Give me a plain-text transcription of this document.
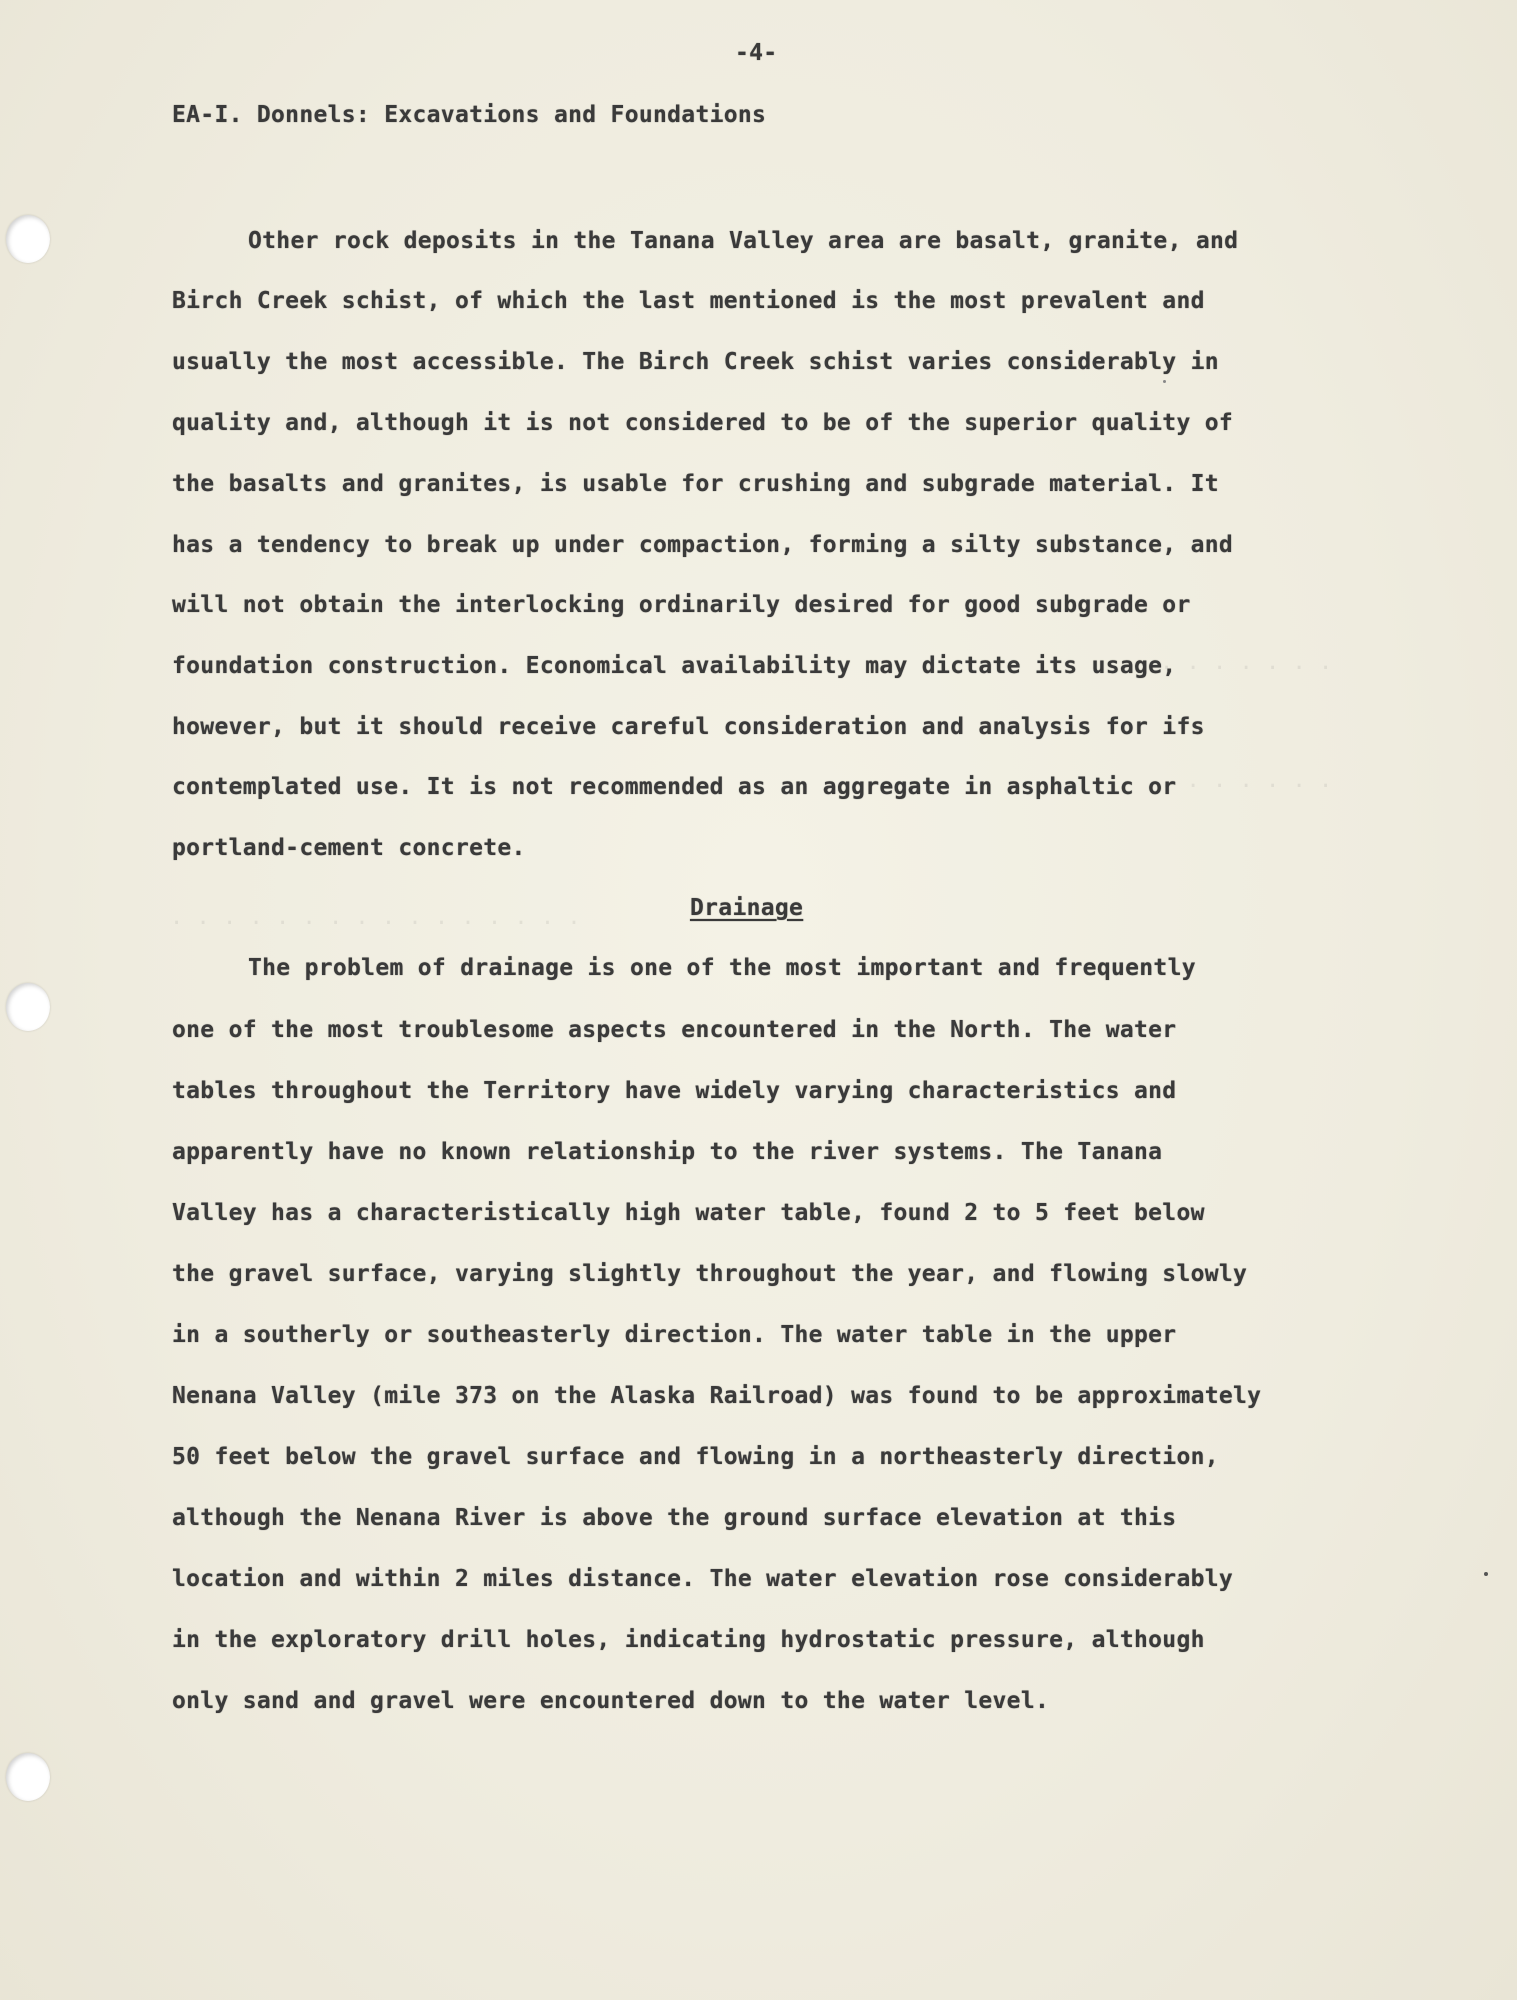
. . . . . . .
. . . . . . .
. . . . . . . . . . . . . . . .
-4-
EA-I. Donnels: Excavations and Foundations
Other rock deposits in the Tanana Valley area are basalt, granite, and
Birch Creek schist, of which the last mentioned is the most prevalent and
usually the most accessible. The Birch Creek schist varies considerably in
quality and, although it is not considered to be of the superior quality of
the basalts and granites, is usable for crushing and subgrade material. It
has a tendency to break up under compaction, forming a silty substance, and
will not obtain the interlocking ordinarily desired for good subgrade or
foundation construction. Economical availability may dictate its usage,
however, but it should receive careful consideration and analysis for ifs
contemplated use. It is not recommended as an aggregate in asphaltic or
portland-cement concrete.
Drainage
The problem of drainage is one of the most important and frequently
one of the most troublesome aspects encountered in the North. The water
tables throughout the Territory have widely varying characteristics and
apparently have no known relationship to the river systems. The Tanana
Valley has a characteristically high water table, found 2 to 5 feet below
the gravel surface, varying slightly throughout the year, and flowing slowly
in a southerly or southeasterly direction. The water table in the upper
Nenana Valley (mile 373 on the Alaska Railroad) was found to be approximately
50 feet below the gravel surface and flowing in a northeasterly direction,
although the Nenana River is above the ground surface elevation at this
location and within 2 miles distance. The water elevation rose considerably
in the exploratory drill holes, indicating hydrostatic pressure, although
only sand and gravel were encountered down to the water level.
